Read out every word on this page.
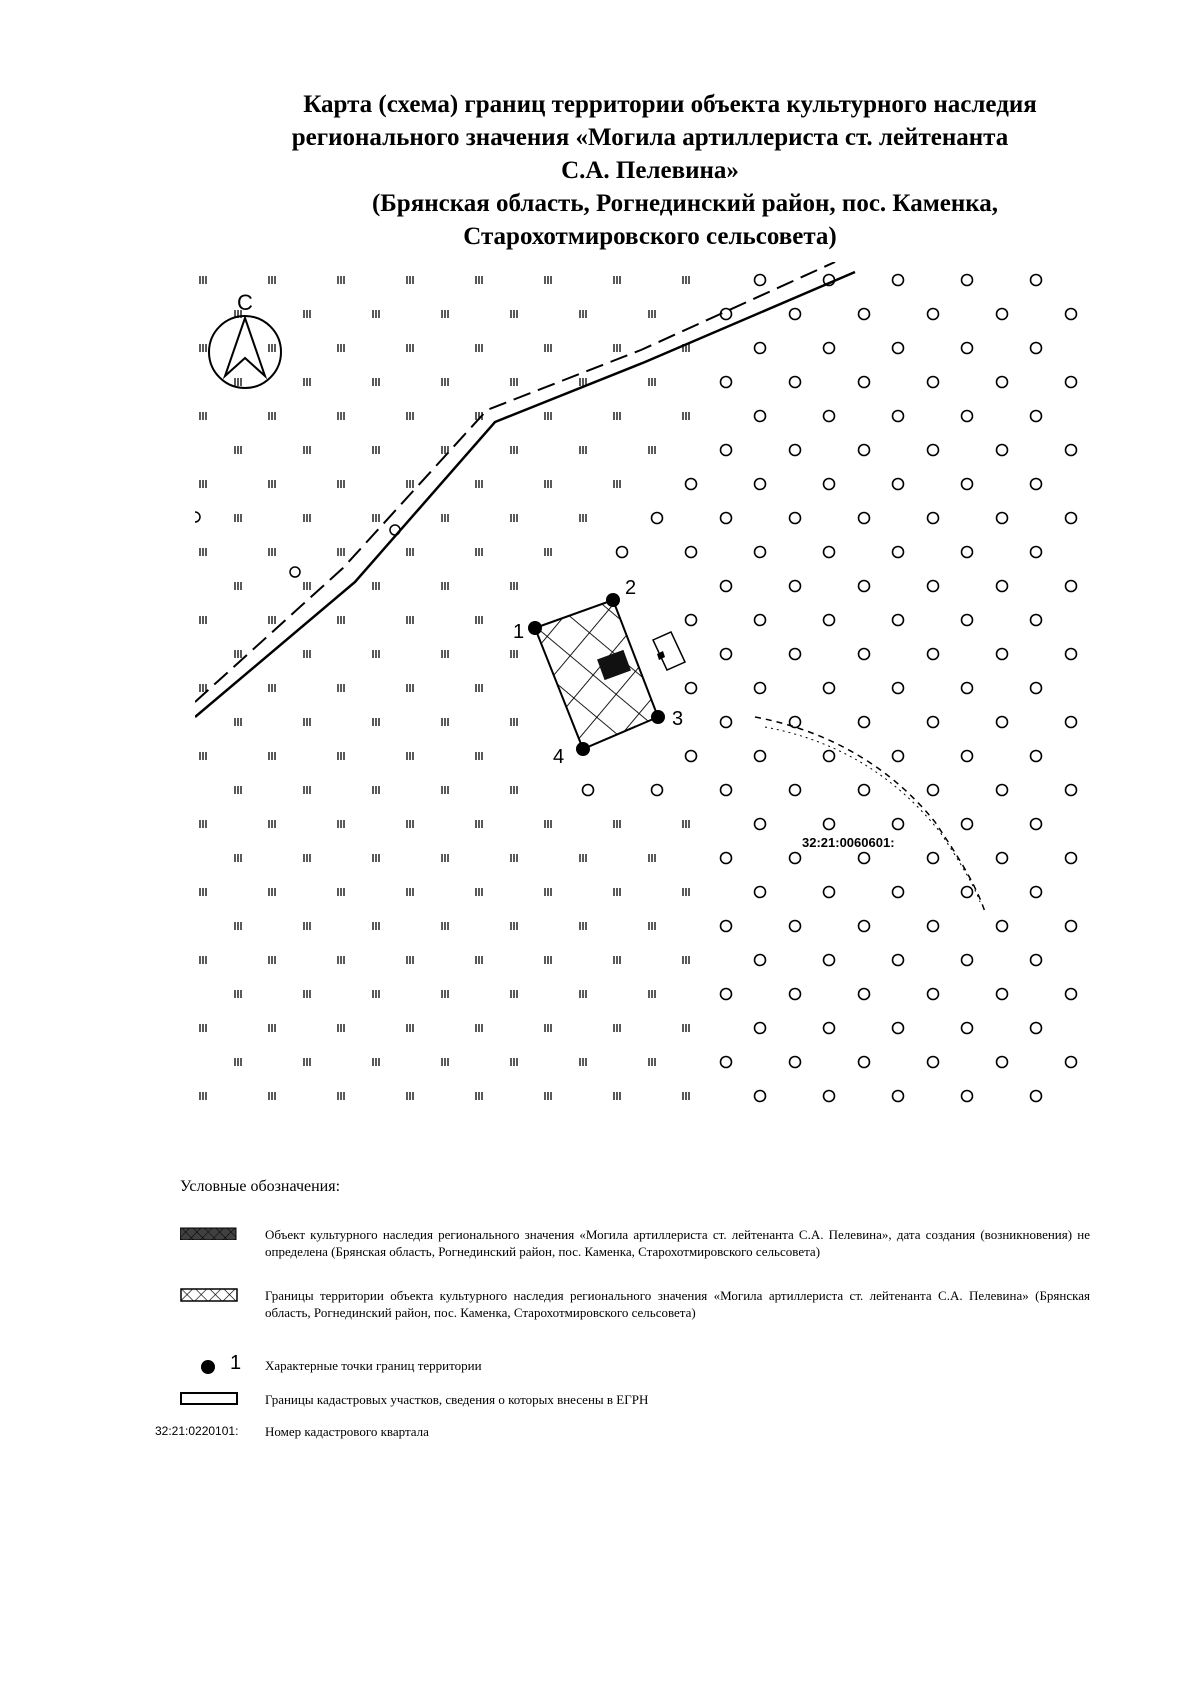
Карта (схема) границ территории объекта культурного наследия
регионального значения «Могила артиллериста ст. лейтенанта
С.А. Пелевина»
(Брянская область, Рогнединский район, пос. Каменка,
Старохотмировского сельсовета)
С
1
2
3
4
32:21:0060601:
Условные обозначения:
Объект культурного наследия регионального значения «Могила артиллериста ст. лейтенанта С.А. Пелевина», дата создания (возникновения) не определена (Брянская область, Рогнединский район, пос. Каменка, Старохотмировского сельсовета)
Границы территории объекта культурного наследия регионального значения «Могила артиллериста ст. лейтенанта С.А. Пелевина» (Брянская область, Рогнединский район, пос. Каменка, Старохотмировского сельсовета)
1 Характерные точки границ территории
Границы кадастровых участков, сведения о которых внесены в ЕГРН
32:21:0220101:	Номер кадастрового квартала
